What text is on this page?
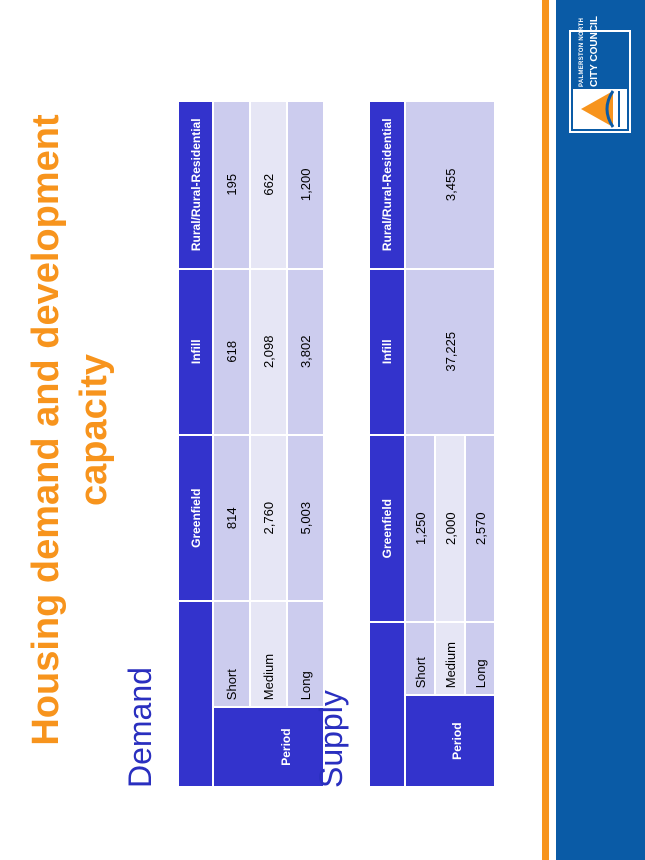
PALMERSTON NORTH CITY COUNCIL
Housing demand and development capacity
Demand
		Greenfield	Infill	Rural/Rural-Residential
Period	Short	814	618	195
	Medium	2,760	2,098	662
	Long	5,003	3,802	1,200
Supply
		Greenfield	Infill	Rural/Rural-Residential
Period	Short	1,250	37,225	3,455
	Medium	2,000		
	Long	2,570		
